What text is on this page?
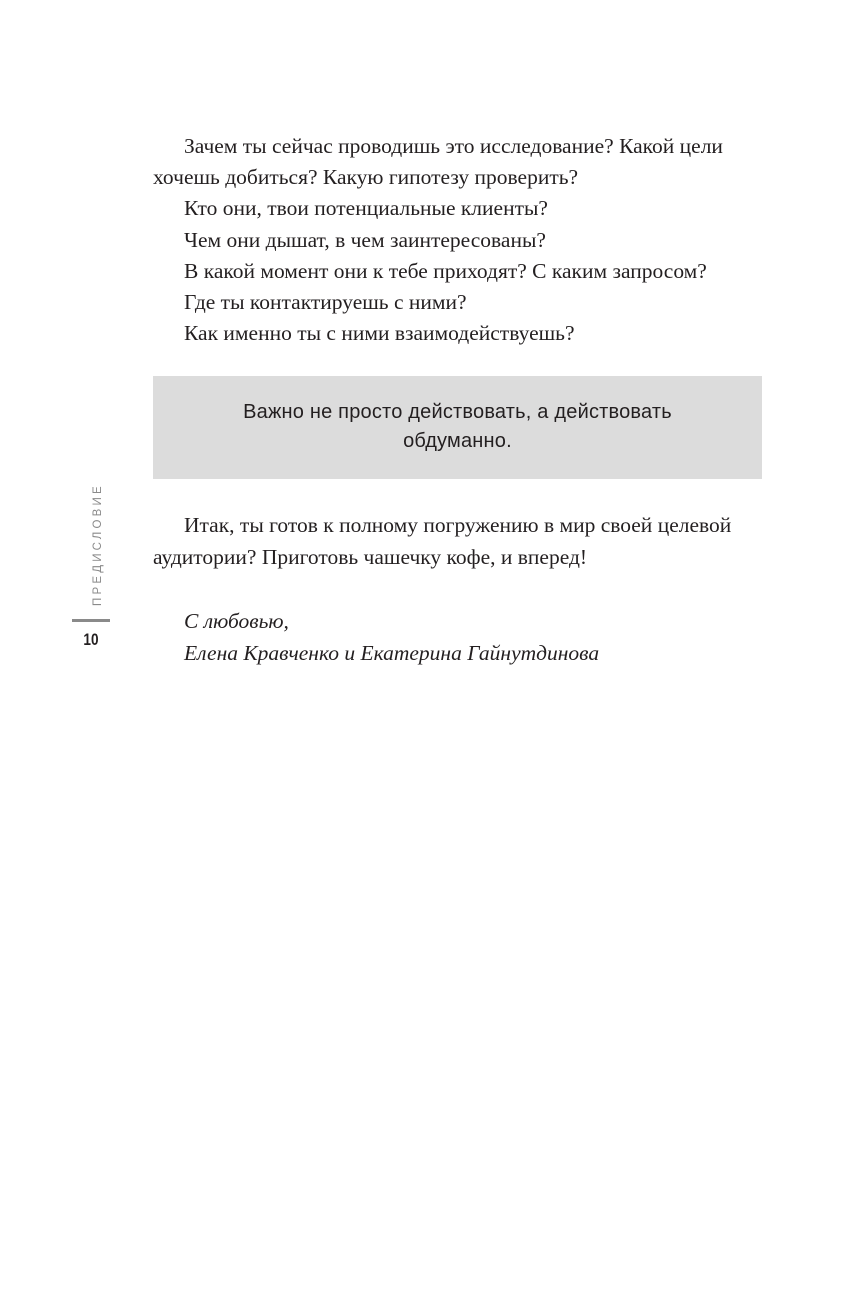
ПРЕДИСЛОВИЕ
10

Зачем ты сейчас проводишь это исследование? Какой цели хочешь добиться? Какую гипотезу проверить?

Кто они, твои потенциальные клиенты?

Чем они дышат, в чем заинтересованы?

В какой момент они к тебе приходят? С каким запросом?

Где ты контактируешь с ними?

Как именно ты с ними взаимодействуешь?

Важно не просто действовать, а действовать обдуманно.

Итак, ты готов к полному погружению в мир своей целевой аудитории? Приготовь чашечку кофе, и вперед!

С любовью,
Елена Кравченко и Екатерина Гайнутдинова
